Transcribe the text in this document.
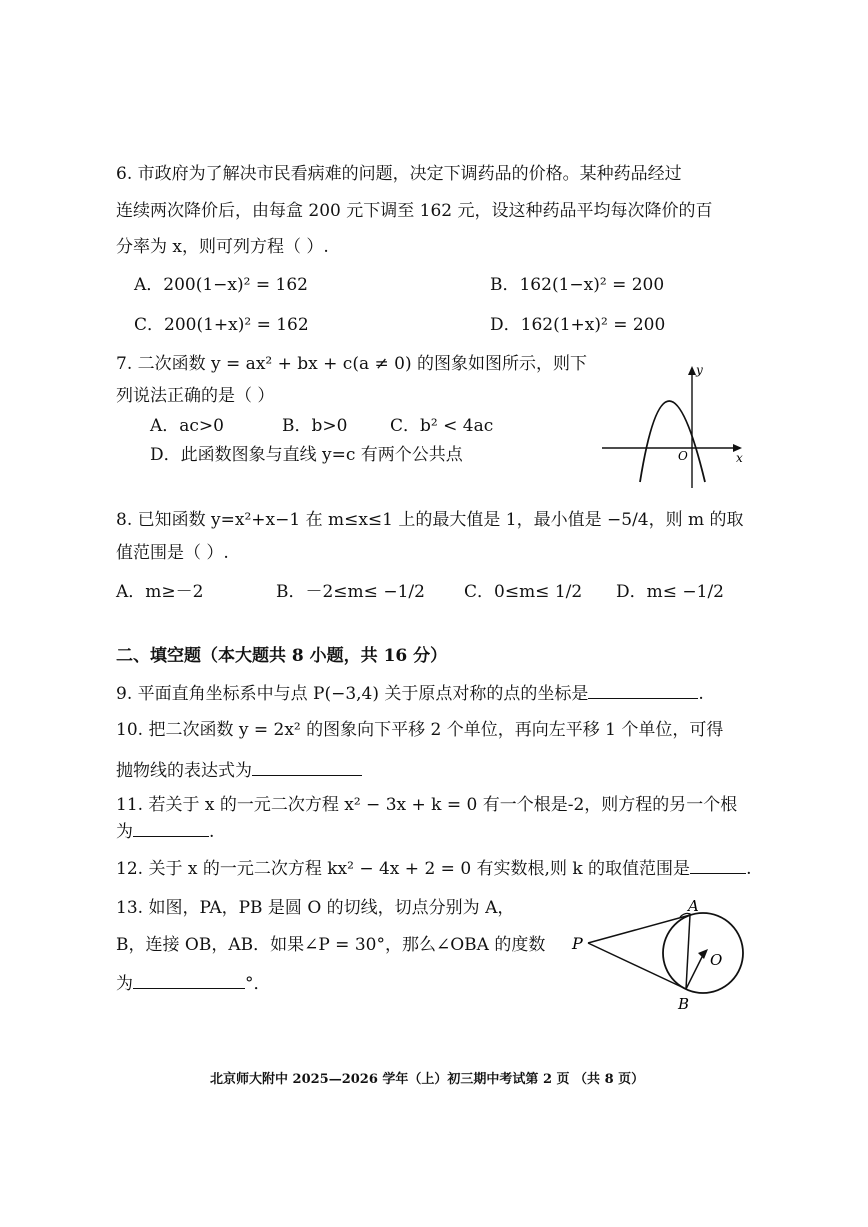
6. 市政府为了解决市民看病难的问题，决定下调药品的价格。某种药品经过
连续两次降价后，由每盒 200 元下调至 162 元，设这种药品平均每次降价的百
分率为 x，则可列方程（ ）.
A．200(1−x)² = 162	B．162(1−x)² = 200
C．200(1+x)² = 162	D．162(1+x)² = 200
7. 二次函数 y = ax² + bx + c(a ≠ 0) 的图象如图所示，则下
列说法正确的是（ ）
A．ac>0	B．b>0	C．b² < 4ac
D．此函数图象与直线 y=c 有两个公共点
y
x
O
8. 已知函数 y=x²+x−1 在 m≤x≤1 上的最大值是 1，最小值是 −5/4，则 m 的取
值范围是（ ）.
A．m≥－2	B．－2≤m≤ −1/2 C．0≤m≤ 1/2 D．m≤ −1/2
二、填空题（本大题共 8 小题，共 16 分）
9. 平面直角坐标系中与点 P(−3,4) 关于原点对称的点的坐标是	.
10. 把二次函数 y = 2x² 的图象向下平移 2 个单位，再向左平移 1 个单位，可得
抛物线的表达式为
11. 若关于 x 的一元二次方程 x² − 3x + k = 0 有一个根是-2，则方程的另一个根
为	.
12. 关于 x 的一元二次方程 kx² − 4x + 2 = 0 有实数根,则 k 的取值范围是	.
13. 如图，PA，PB 是圆 O 的切线，切点分别为 A，
B，连接 OB，AB．如果∠P = 30°，那么∠OBA 的度数
为	°．
P
A
B
O
北京师大附中 2025—2026 学年（上）初三期中考试第 2 页 （共 8 页）
